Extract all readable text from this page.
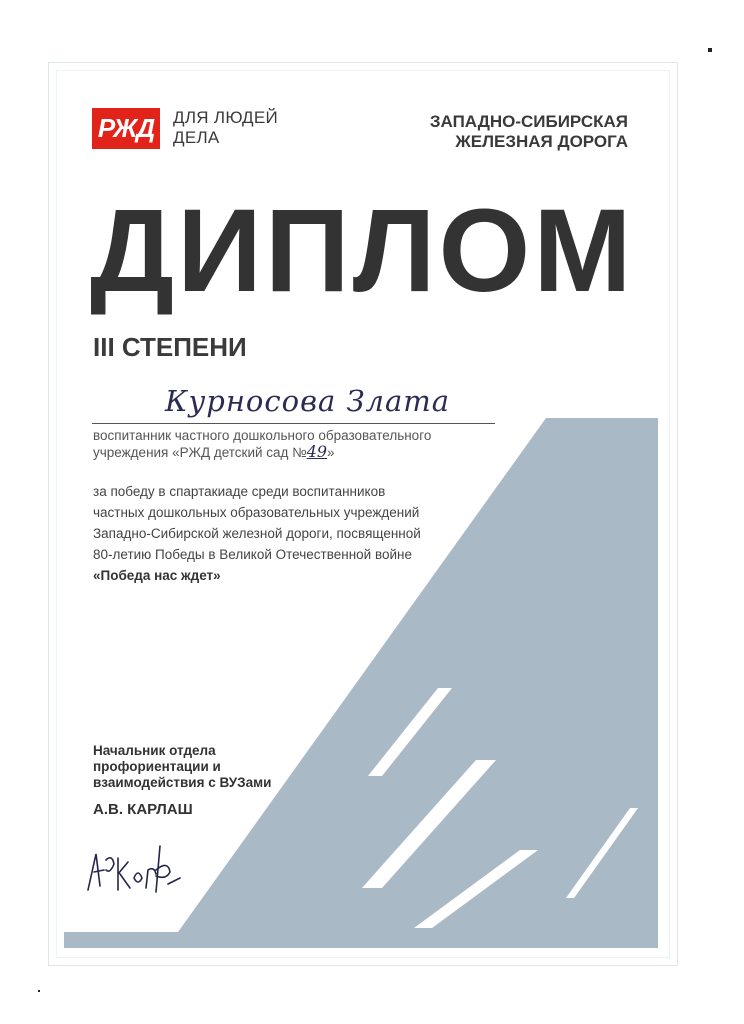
РЖД ДЛЯ ЛЮДЕЙ
ДЕЛА
ЗАПАДНО-СИБИРСКАЯ
ЖЕЛЕЗНАЯ ДОРОГА
ДИПЛОМ
III СТЕПЕНИ
Курносова Злата
воспитанник частного дошкольного образовательного
учреждения «РЖД детский сад №49»
за победу в спартакиаде среди воспитанников
частных дошкольных образовательных учреждений
Западно-Сибирской железной дороги, посвященной
80-летию Победы в Великой Отечественной войне
«Победа нас ждет»
Начальник отдела
профориентации и
взаимодействия с ВУЗами
А.В. КАРЛАШ
